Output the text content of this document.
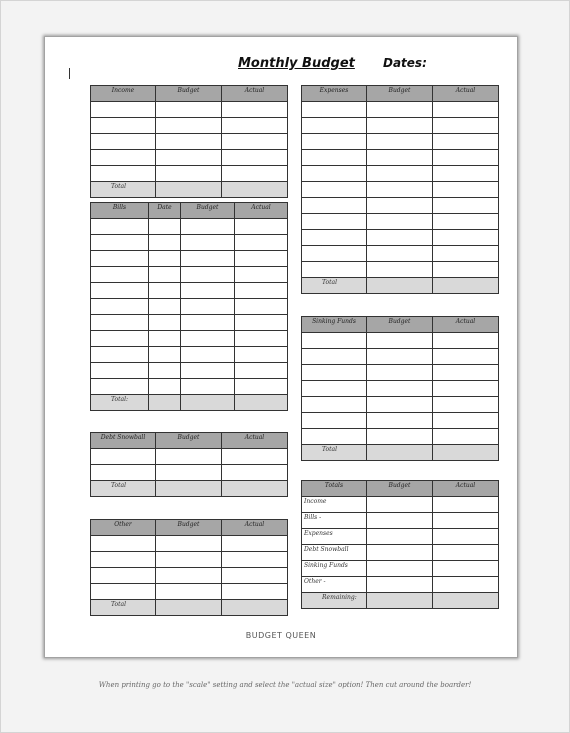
Monthly Budget Dates:
Income	Budget	Actual

Total		
Bills	Date	Budget	Actual

Total:			
Debt Snowball	Budget	Actual

Total		
Other	Budget	Actual

Total		
Expenses	Budget	Actual

Total		
Sinking Funds	Budget	Actual

Total		
Totals	Budget	Actual
Income		
Bills -		
Expenses		
Debt Snowball		
Sinking Funds		
Other -		
Remaining:		
BUDGET QUEEN
When printing go to the "scale" setting and select the "actual size" option! Then cut around the boarder!
